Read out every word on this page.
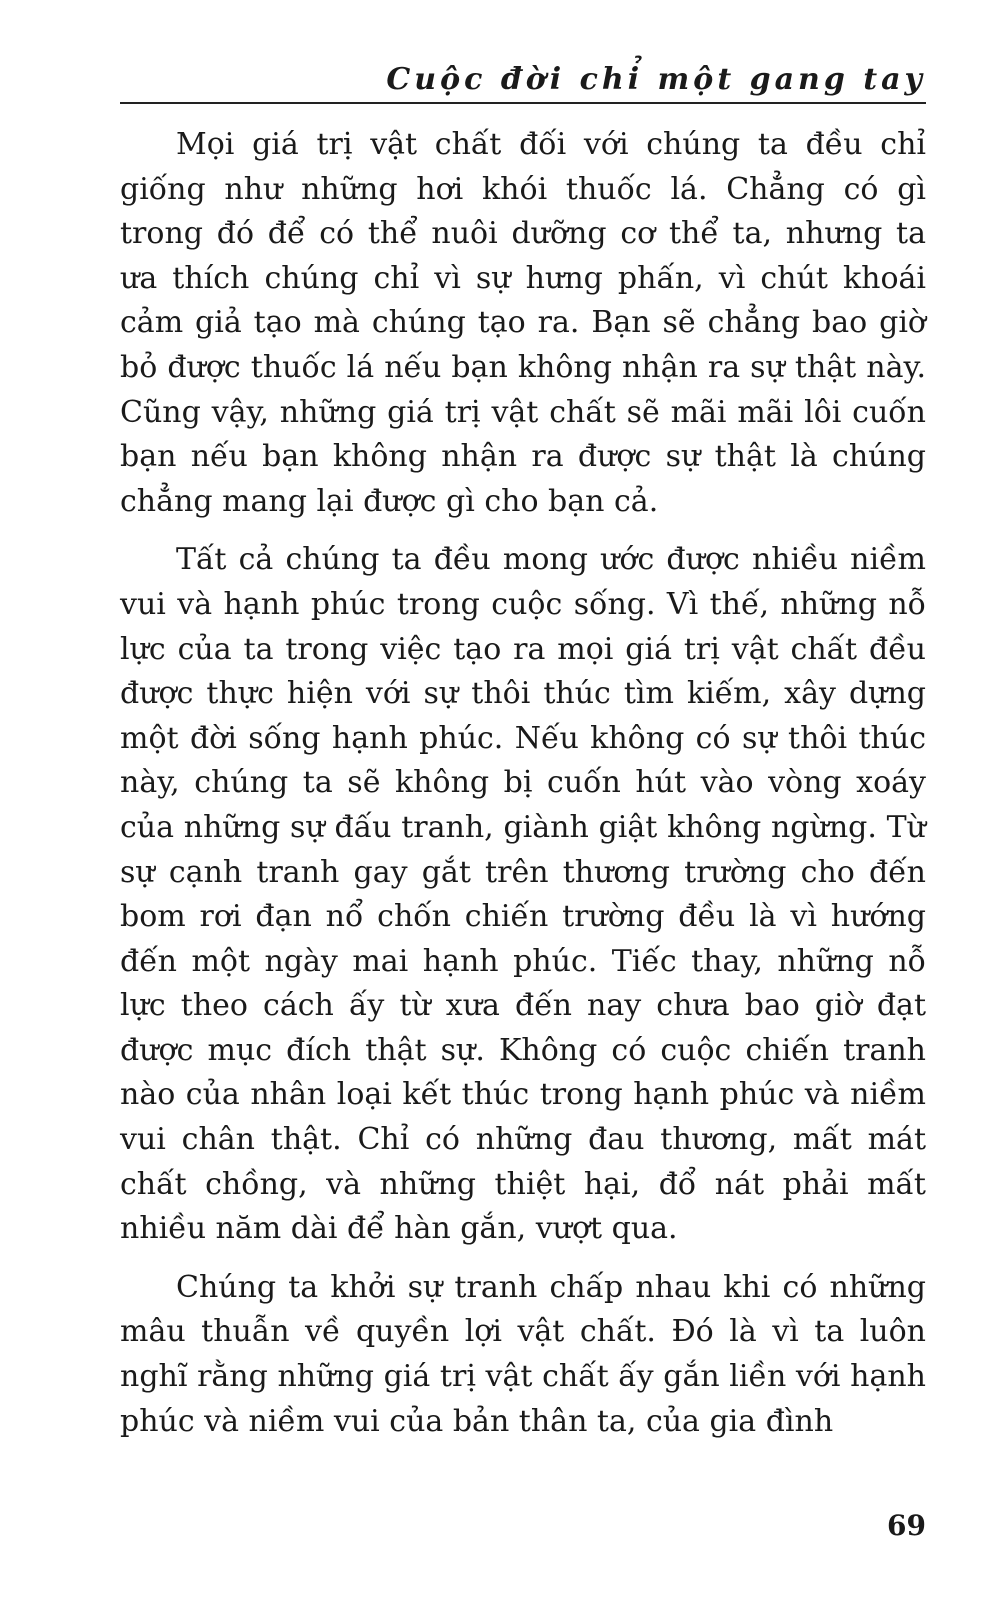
Cuộc đời chỉ một gang tay

Mọi giá trị vật chất đối với chúng ta đều chỉ giống như những hơi khói thuốc lá. Chẳng có gì trong đó để có thể nuôi dưỡng cơ thể ta, nhưng ta ưa thích chúng chỉ vì sự hưng phấn, vì chút khoái cảm giả tạo mà chúng tạo ra. Bạn sẽ chẳng bao giờ bỏ được thuốc lá nếu bạn không nhận ra sự thật này. Cũng vậy, những giá trị vật chất sẽ mãi mãi lôi cuốn bạn nếu bạn không nhận ra được sự thật là chúng chẳng mang lại được gì cho bạn cả.

Tất cả chúng ta đều mong ước được nhiều niềm vui và hạnh phúc trong cuộc sống. Vì thế, những nỗ lực của ta trong việc tạo ra mọi giá trị vật chất đều được thực hiện với sự thôi thúc tìm kiếm, xây dựng một đời sống hạnh phúc. Nếu không có sự thôi thúc này, chúng ta sẽ không bị cuốn hút vào vòng xoáy của những sự đấu tranh, giành giật không ngừng. Từ sự cạnh tranh gay gắt trên thương trường cho đến bom rơi đạn nổ chốn chiến trường đều là vì hướng đến một ngày mai hạnh phúc. Tiếc thay, những nỗ lực theo cách ấy từ xưa đến nay chưa bao giờ đạt được mục đích thật sự. Không có cuộc chiến tranh nào của nhân loại kết thúc trong hạnh phúc và niềm vui chân thật. Chỉ có những đau thương, mất mát chất chồng, và những thiệt hại, đổ nát phải mất nhiều năm dài để hàn gắn, vượt qua.

Chúng ta khởi sự tranh chấp nhau khi có những mâu thuẫn về quyền lợi vật chất. Đó là vì ta luôn nghĩ rằng những giá trị vật chất ấy gắn liền với hạnh phúc và niềm vui của bản thân ta, của gia đình

69
